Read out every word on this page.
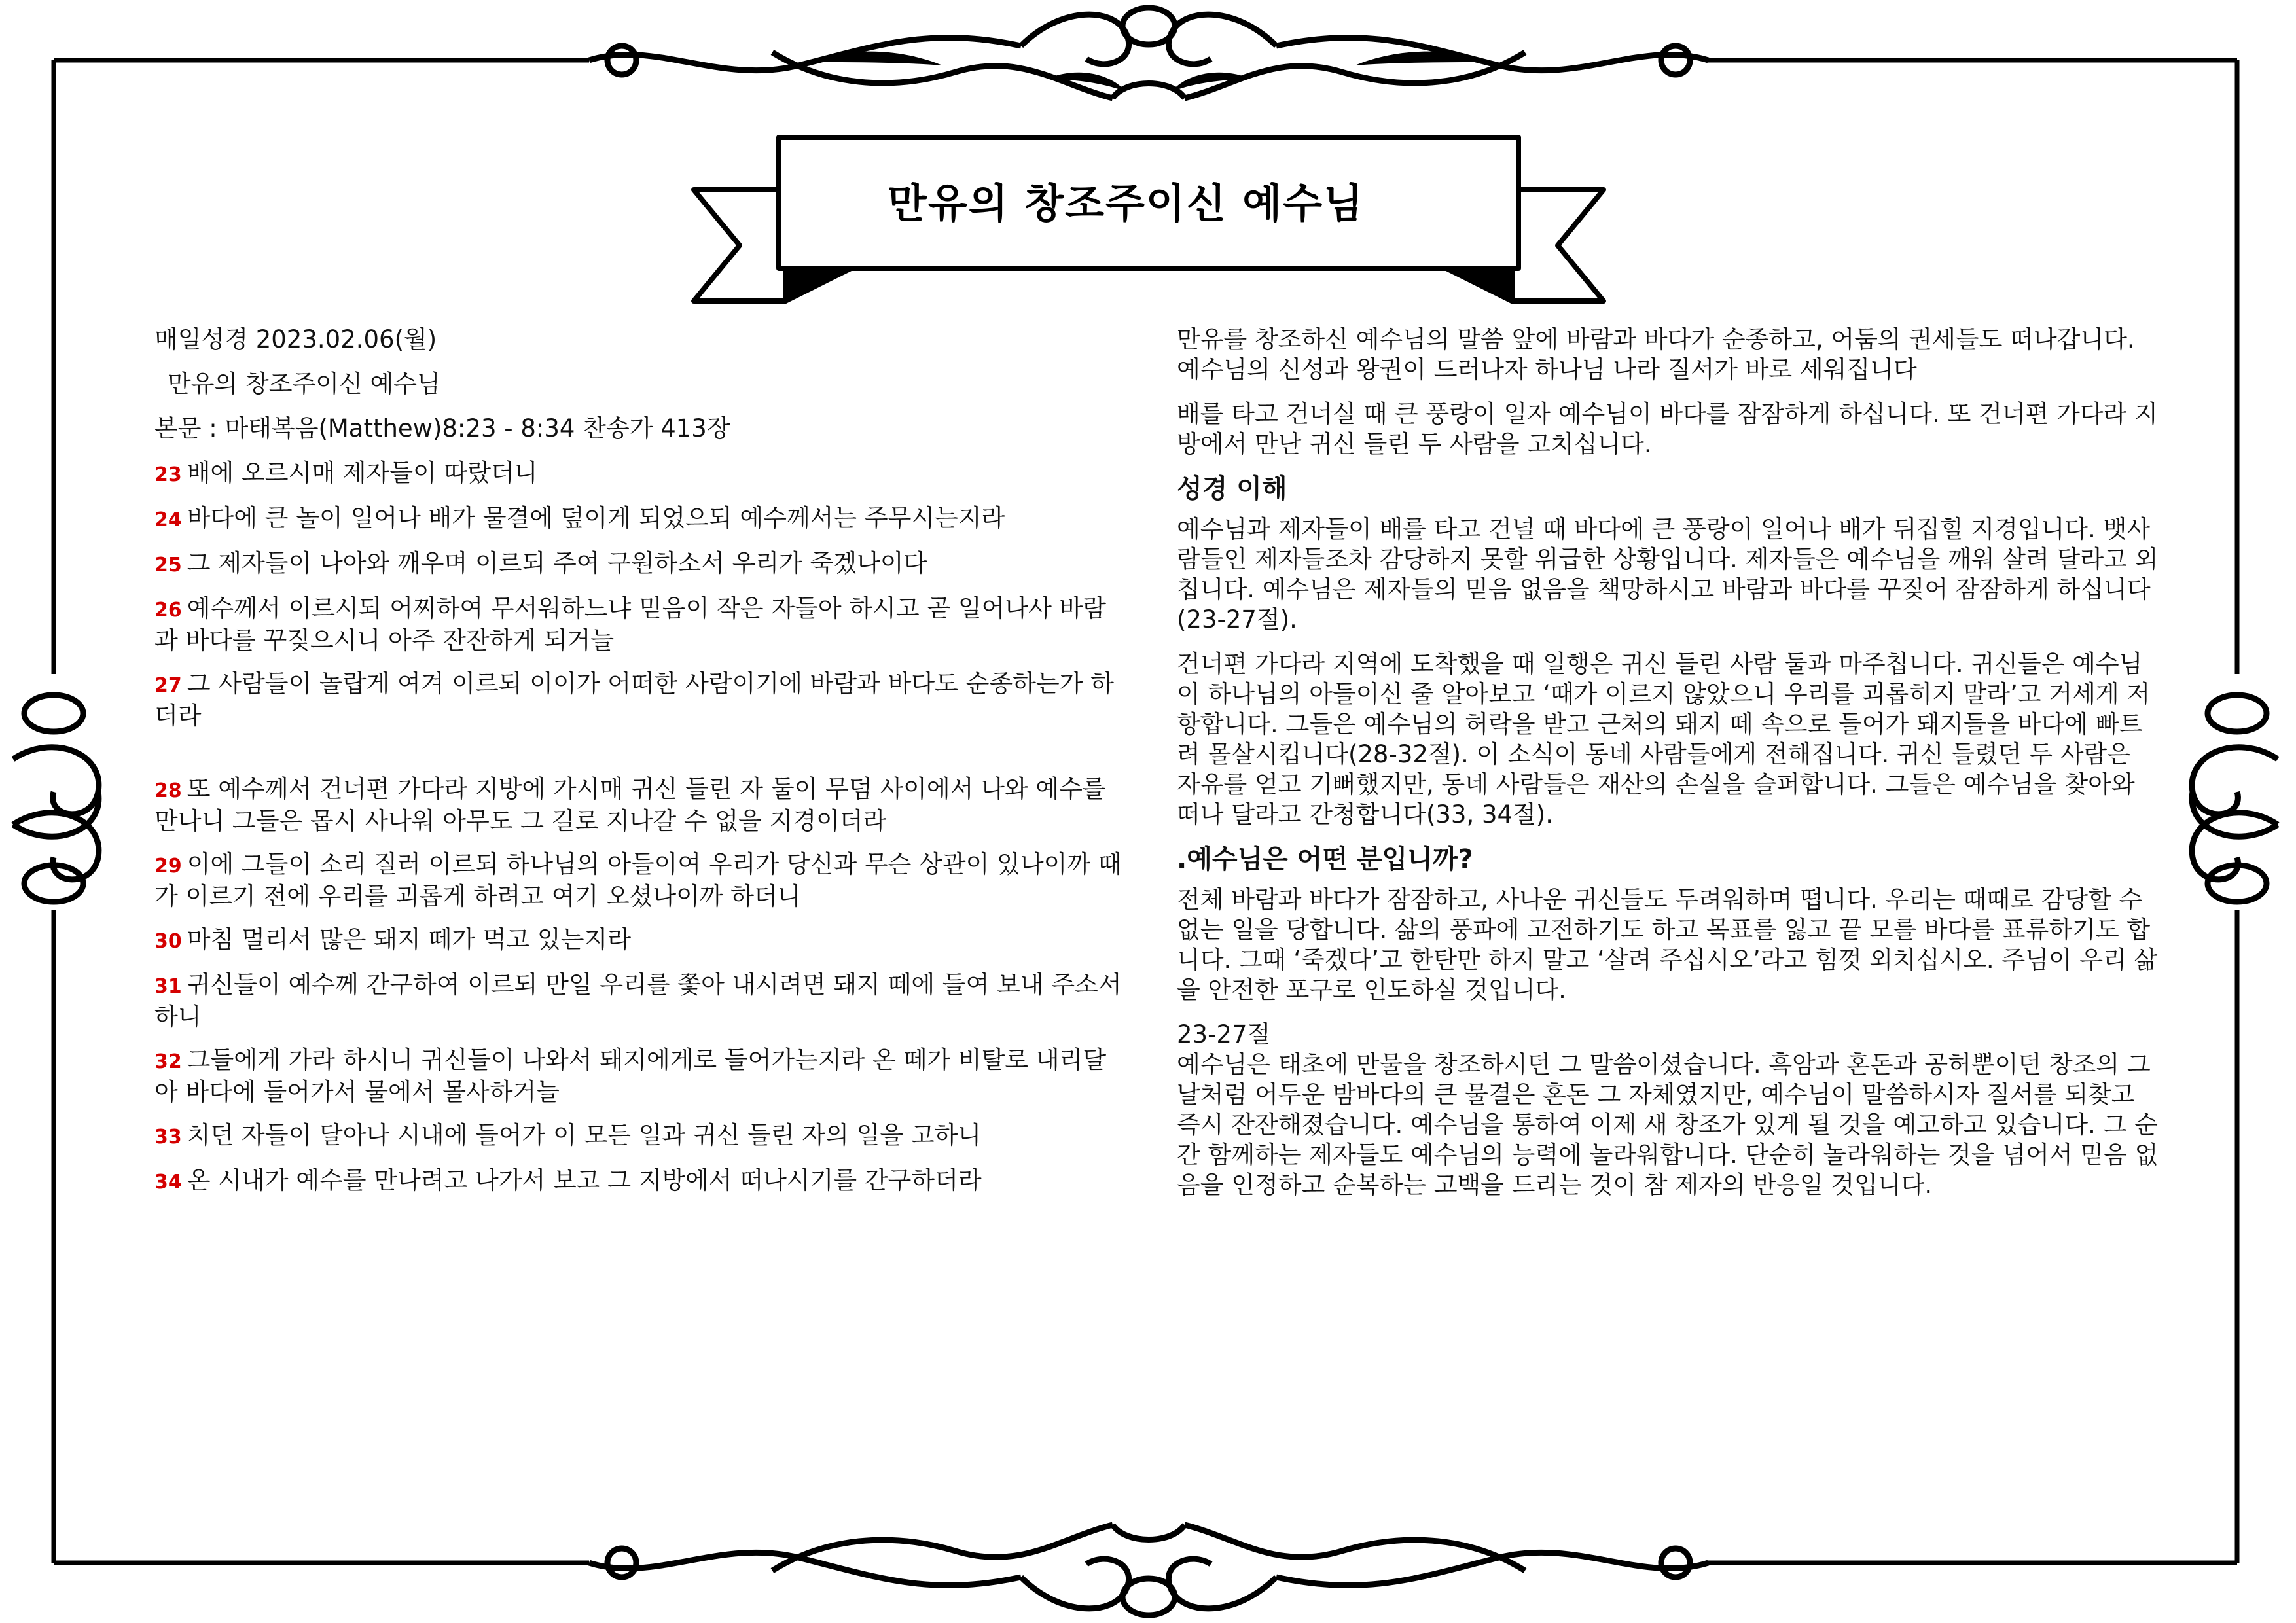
만유의 창조주이신 예수님

매일성경 2023.02.06(월)

만유의 창조주이신 예수님

본문 : 마태복음(Matthew)8:23 - 8:34 찬송가 413장

23 배에 오르시매 제자들이 따랐더니

24 바다에 큰 놀이 일어나 배가 물결에 덮이게 되었으되 예수께서는 주무시는지라

25 그 제자들이 나아와 깨우며 이르되 주여 구원하소서 우리가 죽겠나이다

26 예수께서 이르시되 어찌하여 무서워하느냐 믿음이 작은 자들아 하시고 곧 일어나사 바람과 바다를 꾸짖으시니 아주 잔잔하게 되거늘

27 그 사람들이 놀랍게 여겨 이르되 이이가 어떠한 사람이기에 바람과 바다도 순종하는가 하더라

28 또 예수께서 건너편 가다라 지방에 가시매 귀신 들린 자 둘이 무덤 사이에서 나와 예수를 만나니 그들은 몹시 사나워 아무도 그 길로 지나갈 수 없을 지경이더라

29 이에 그들이 소리 질러 이르되 하나님의 아들이여 우리가 당신과 무슨 상관이 있나이까 때가 이르기 전에 우리를 괴롭게 하려고 여기 오셨나이까 하더니

30 마침 멀리서 많은 돼지 떼가 먹고 있는지라

31 귀신들이 예수께 간구하여 이르되 만일 우리를 쫓아 내시려면 돼지 떼에 들여 보내 주소서 하니

32 그들에게 가라 하시니 귀신들이 나와서 돼지에게로 들어가는지라 온 떼가 비탈로 내리달아 바다에 들어가서 물에서 몰사하거늘

33 치던 자들이 달아나 시내에 들어가 이 모든 일과 귀신 들린 자의 일을 고하니

34 온 시내가 예수를 만나려고 나가서 보고 그 지방에서 떠나시기를 간구하더라

만유를 창조하신 예수님의 말씀 앞에 바람과 바다가 순종하고, 어둠의 권세들도 떠나갑니다. 예수님의 신성과 왕권이 드러나자 하나님 나라 질서가 바로 세워집니다

배를 타고 건너실 때 큰 풍랑이 일자 예수님이 바다를 잠잠하게 하십니다. 또 건너편 가다라 지방에서 만난 귀신 들린 두 사람을 고치십니다.

성경 이해

예수님과 제자들이 배를 타고 건널 때 바다에 큰 풍랑이 일어나 배가 뒤집힐 지경입니다. 뱃사람들인 제자들조차 감당하지 못할 위급한 상황입니다. 제자들은 예수님을 깨워 살려 달라고 외칩니다. 예수님은 제자들의 믿음 없음을 책망하시고 바람과 바다를 꾸짖어 잠잠하게 하십니다(23-27절).

건너편 가다라 지역에 도착했을 때 일행은 귀신 들린 사람 둘과 마주칩니다. 귀신들은 예수님이 하나님의 아들이신 줄 알아보고 ‘때가 이르지 않았으니 우리를 괴롭히지 말라’고 거세게 저항합니다. 그들은 예수님의 허락을 받고 근처의 돼지 떼 속으로 들어가 돼지들을 바다에 빠트려 몰살시킵니다(28-32절). 이 소식이 동네 사람들에게 전해집니다. 귀신 들렸던 두 사람은 자유를 얻고 기뻐했지만, 동네 사람들은 재산의 손실을 슬퍼합니다. 그들은 예수님을 찾아와 떠나 달라고 간청합니다(33, 34절).

.예수님은 어떤 분입니까?

전체 바람과 바다가 잠잠하고, 사나운 귀신들도 두려워하며 떱니다. 우리는 때때로 감당할 수 없는 일을 당합니다. 삶의 풍파에 고전하기도 하고 목표를 잃고 끝 모를 바다를 표류하기도 합니다. 그때 ‘죽겠다’고 한탄만 하지 말고 ‘살려 주십시오’라고 힘껏 외치십시오. 주님이 우리 삶을 안전한 포구로 인도하실 것입니다.

23-27절

예수님은 태초에 만물을 창조하시던 그 말씀이셨습니다. 흑암과 혼돈과 공허뿐이던 창조의 그 날처럼 어두운 밤바다의 큰 물결은 혼돈 그 자체였지만, 예수님이 말씀하시자 질서를 되찾고 즉시 잔잔해졌습니다. 예수님을 통하여 이제 새 창조가 있게 될 것을 예고하고 있습니다. 그 순간 함께하는 제자들도 예수님의 능력에 놀라워합니다. 단순히 놀라워하는 것을 넘어서 믿음 없음을 인정하고 순복하는 고백을 드리는 것이 참 제자의 반응일 것입니다.
